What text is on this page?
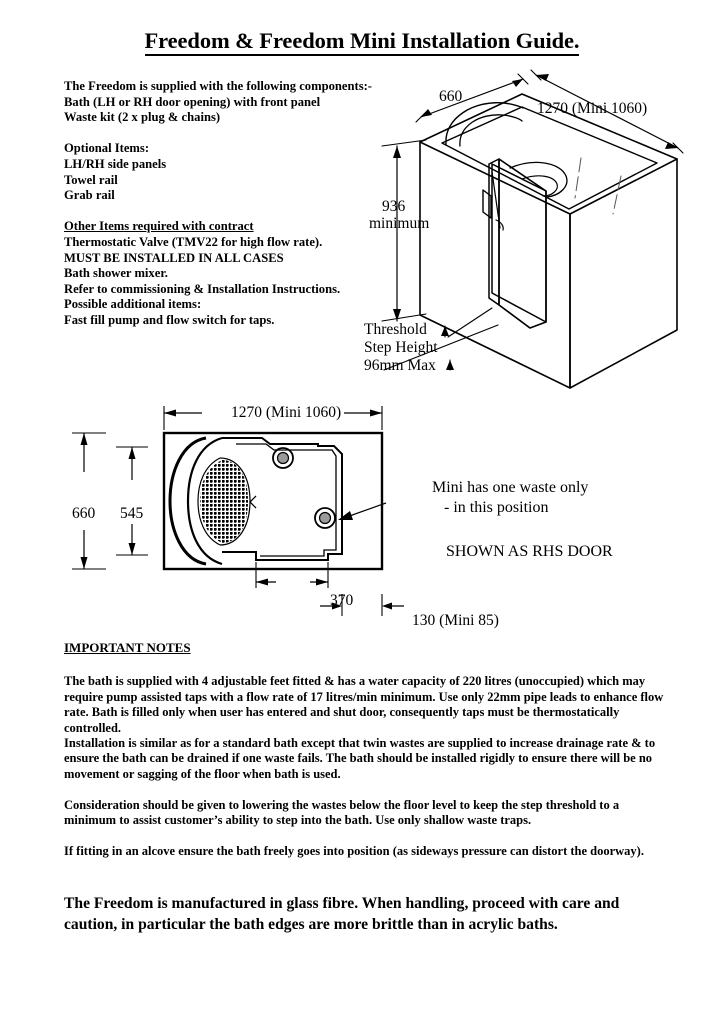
Freedom & Freedom Mini Installation Guide.
The Freedom is supplied with the following components:-
Bath (LH or RH door opening) with front panel
Waste kit (2 x plug & chains)
Optional Items:
LH/RH side panels
Towel rail
Grab rail
Other Items required with contract
Thermostatic Valve (TMV22 for high flow rate).
MUST BE INSTALLED IN ALL CASES
Bath shower mixer.
Refer to commissioning & Installation Instructions.
Possible additional items:
Fast fill pump and flow switch for taps.
660
1270 (Mini 1060)
936
minimum
Threshold
Step Height
96mm Max
1270 (Mini 1060)
660 545
370
130 (Mini 85)
Mini has one waste only
- in this position
SHOWN AS RHS DOOR
IMPORTANT NOTES

The bath is supplied with 4 adjustable feet fitted & has a water capacity of 220 litres (unoccupied) which may require pump assisted taps with a flow rate of 17 litres/min minimum. Use only 22mm pipe leads to enhance flow rate. Bath is filled only when user has entered and shut door, consequently taps must be thermostatically controlled.

Installation is similar as for a standard bath except that twin wastes are supplied to increase drainage rate & to ensure the bath can be drained if one waste fails. The bath should be installed rigidly to ensure there will be no movement or sagging of the floor when bath is used.

Consideration should be given to lowering the wastes below the floor level to keep the step threshold to a minimum to assist customer’s ability to step into the bath. Use only shallow waste traps.

If fitting in an alcove ensure the bath freely goes into position (as sideways pressure can distort the doorway).

The Freedom is manufactured in glass fibre. When handling, proceed with care and caution, in particular the bath edges are more brittle than in acrylic baths.
